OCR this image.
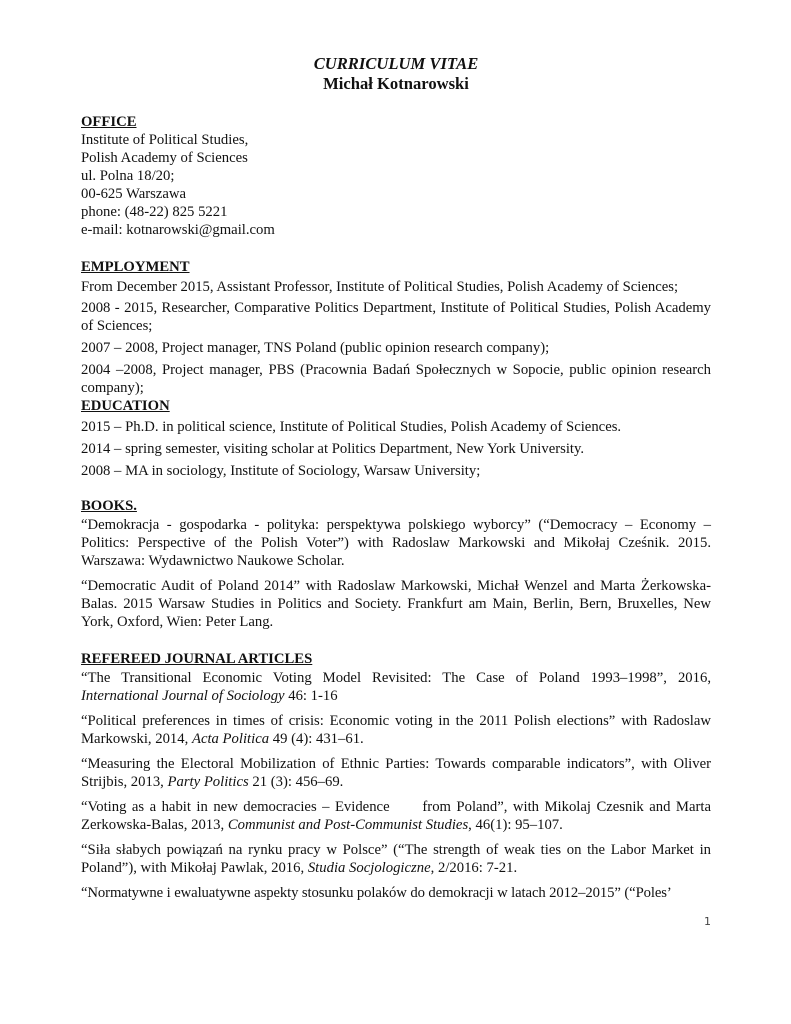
CURRICULUM VITAE
Michał Kotnarowski
OFFICE
Institute of Political Studies,
Polish Academy of Sciences
ul. Polna 18/20;
00-625 Warszawa
phone: (48-22) 825 5221
e-mail: kotnarowski@gmail.com
EMPLOYMENT
From December 2015, Assistant Professor, Institute of Political Studies, Polish Academy of Sciences;
2008 - 2015, Researcher, Comparative Politics Department, Institute of Political Studies, Polish Academy of Sciences;
2007 – 2008, Project manager, TNS Poland (public opinion research company);
2004 –2008, Project manager, PBS (Pracownia Badań Społecznych w Sopocie, public opinion research company);
EDUCATION
2015 – Ph.D. in political science, Institute of Political Studies, Polish Academy of Sciences.
2014 – spring semester, visiting scholar at Politics Department, New York University.
2008 – MA in sociology, Institute of Sociology, Warsaw University;
BOOKS.
“Demokracja - gospodarka - polityka: perspektywa polskiego wyborcy” (“Democracy – Economy – Politics: Perspective of the Polish Voter”) with Radoslaw Markowski and Mikołaj Cześnik. 2015. Warszawa: Wydawnictwo Naukowe Scholar.
“Democratic Audit of Poland 2014” with Radoslaw Markowski, Michał Wenzel and Marta Żerkowska-Balas. 2015 Warsaw Studies in Politics and Society. Frankfurt am Main, Berlin, Bern, Bruxelles, New York, Oxford, Wien: Peter Lang.
REFEREED JOURNAL ARTICLES
“The Transitional Economic Voting Model Revisited: The Case of Poland 1993–1998”, 2016, International Journal of Sociology 46: 1-16
“Political preferences in times of crisis: Economic voting in the 2011 Polish elections” with Radoslaw Markowski, 2014, Acta Politica 49 (4): 431–61.
“Measuring the Electoral Mobilization of Ethnic Parties: Towards comparable indicators”, with Oliver Strijbis, 2013, Party Politics 21 (3): 456–69.
“Voting as a habit in new democracies – Evidence      from Poland”, with Mikolaj Czesnik and Marta Zerkowska-Balas, 2013, Communist and Post-Communist Studies, 46(1): 95–107.
“Siła słabych powiązań na rynku pracy w Polsce” (“The strength of weak ties on the Labor Market in Poland”), with Mikołaj Pawlak, 2016, Studia Socjologiczne, 2/2016: 7-21.
“Normatywne i ewaluatywne aspekty stosunku polaków do demokracji w latach 2012–2015” (“Poles’
1
